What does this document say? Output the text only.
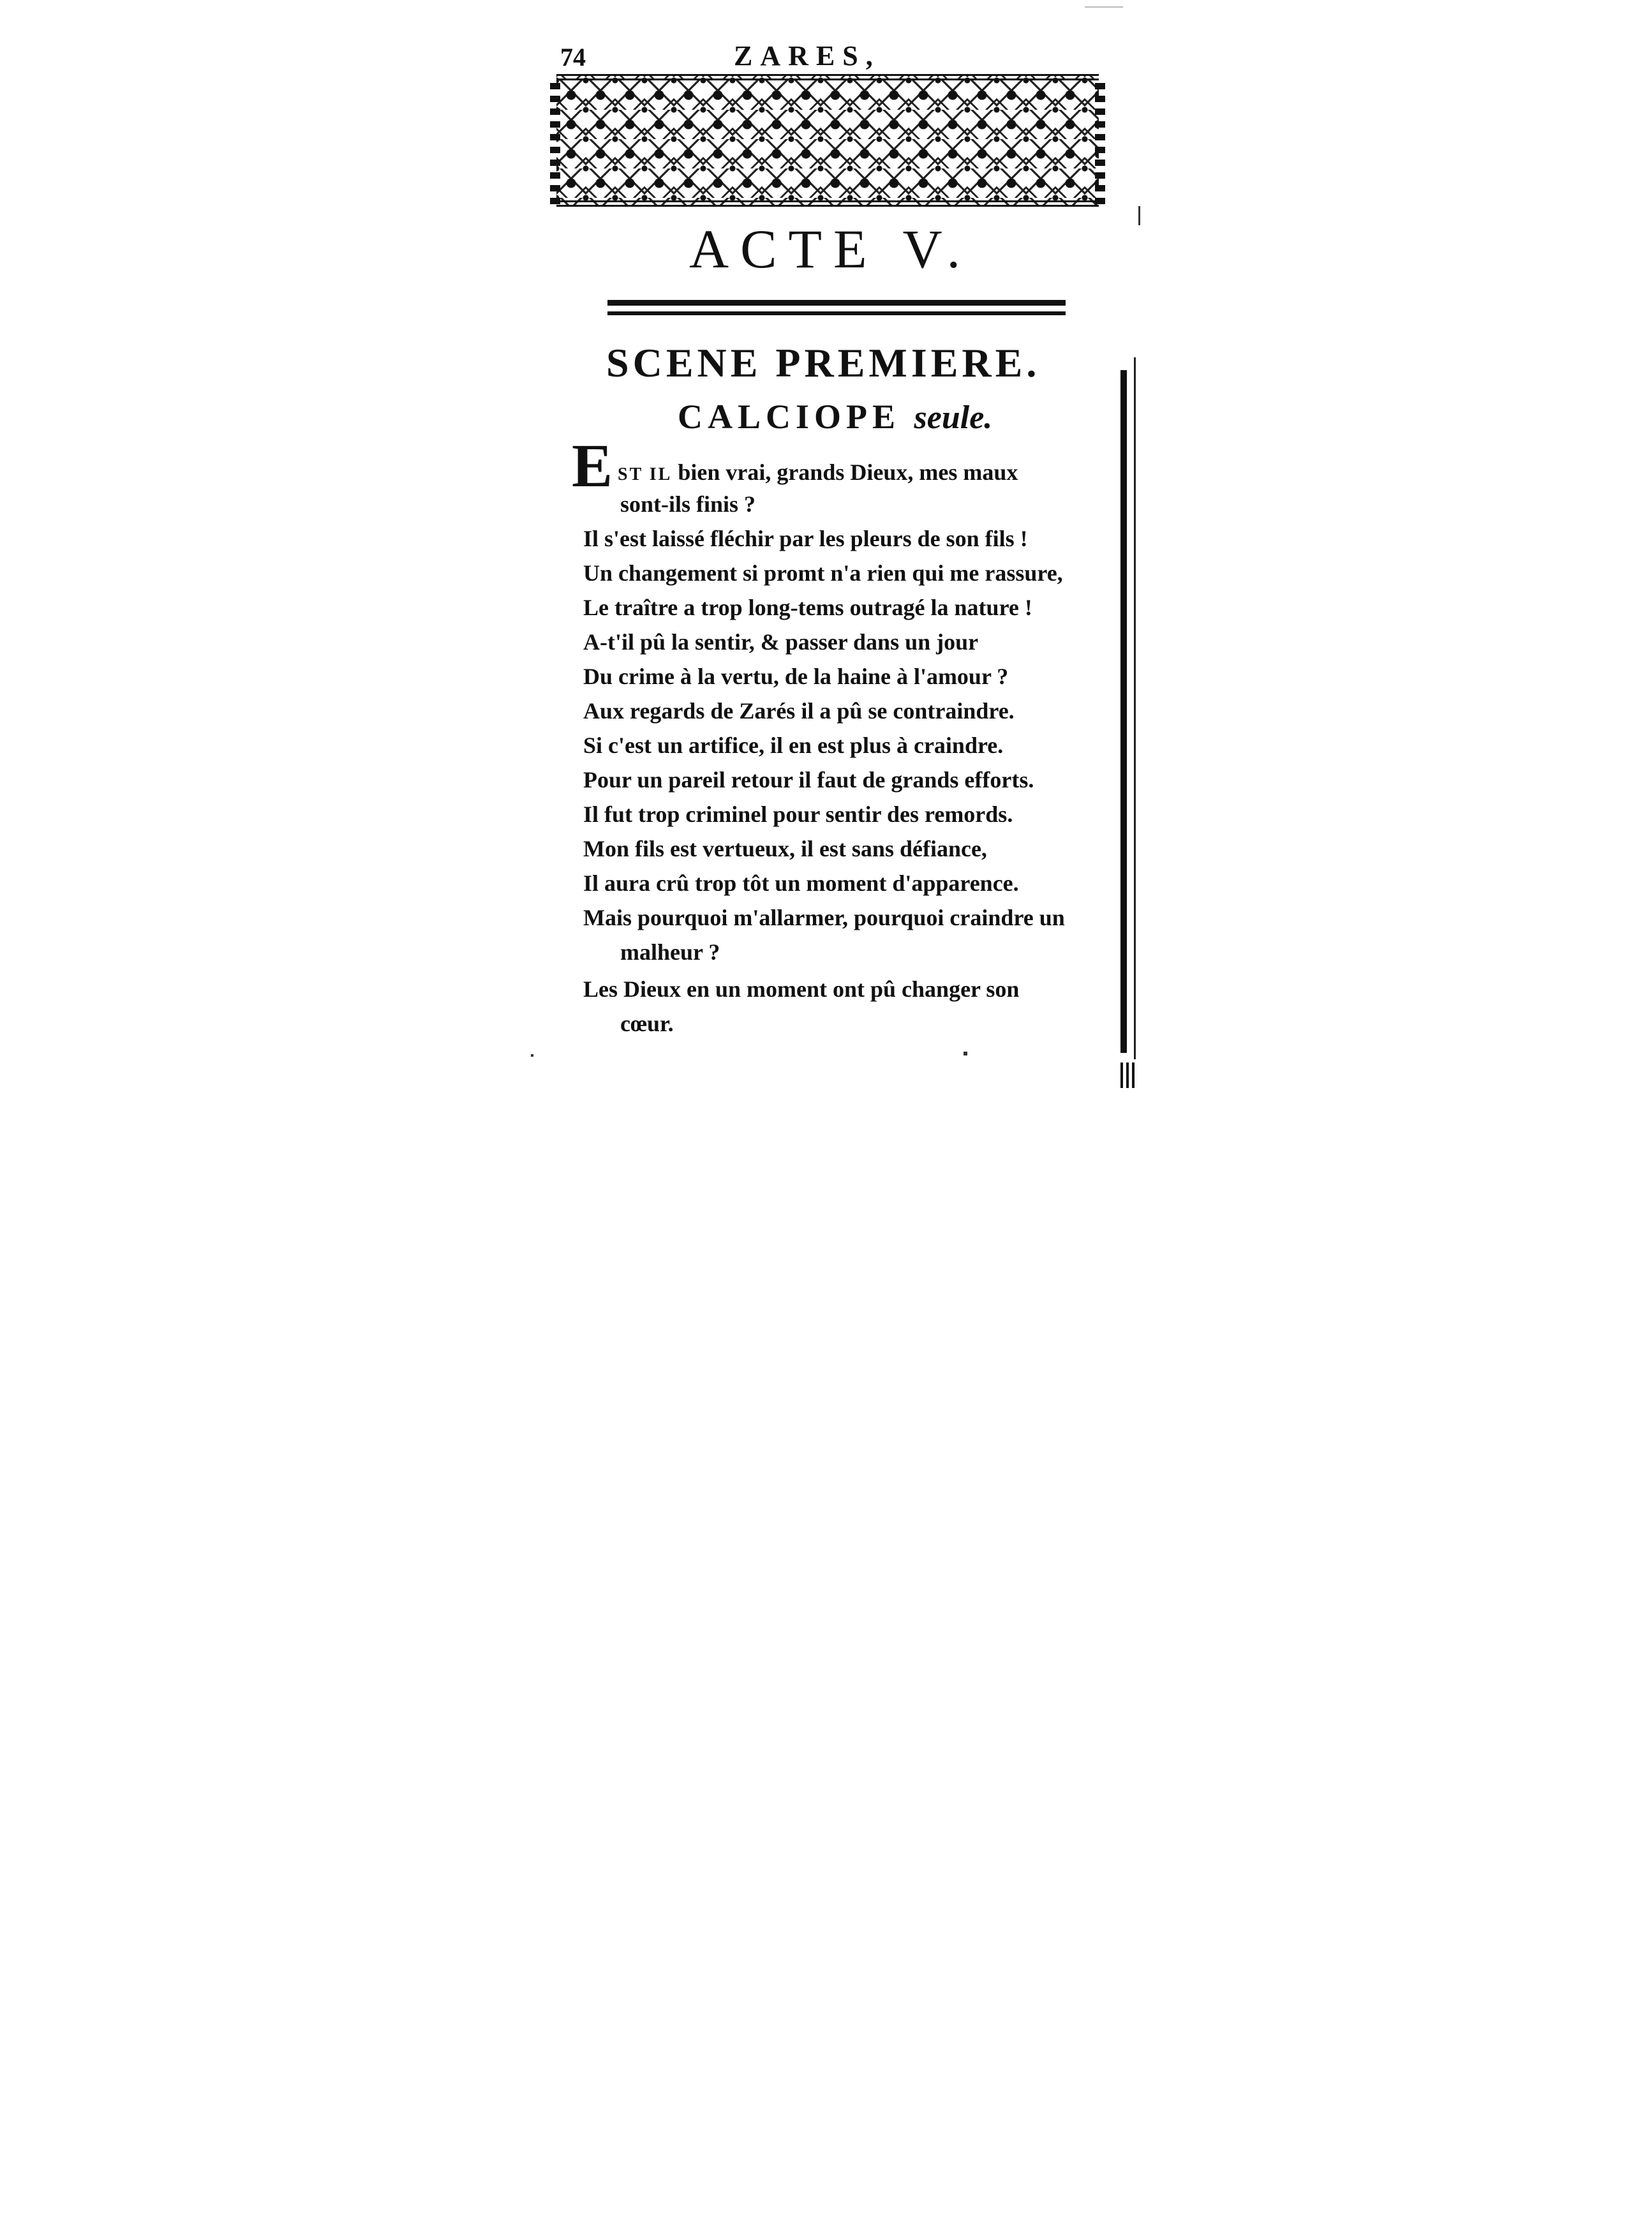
74	ZARES,
ACTE V.
SCENE PREMIERE.
CALCIOPE seule.
E ST IL bien vrai, grands Dieux, mes maux
sont-ils finis ?
Il s'est laissé fléchir par les pleurs de son fils !
Un changement si promt n'a rien qui me rassure,
Le traître a trop long-tems outragé la nature !
A-t'il pû la sentir, & passer dans un jour
Du crime à la vertu, de la haine à l'amour ?
Aux regards de Zarés il a pû se contraindre.
Si c'est un artifice, il en est plus à craindre.
Pour un pareil retour il faut de grands efforts.
Il fut trop criminel pour sentir des remords.
Mon fils est vertueux, il est sans défiance,
Il aura crû trop tôt un moment d'apparence.
Mais pourquoi m'allarmer, pourquoi craindre un
malheur ?
Les Dieux en un moment ont pû changer son
cœur.
